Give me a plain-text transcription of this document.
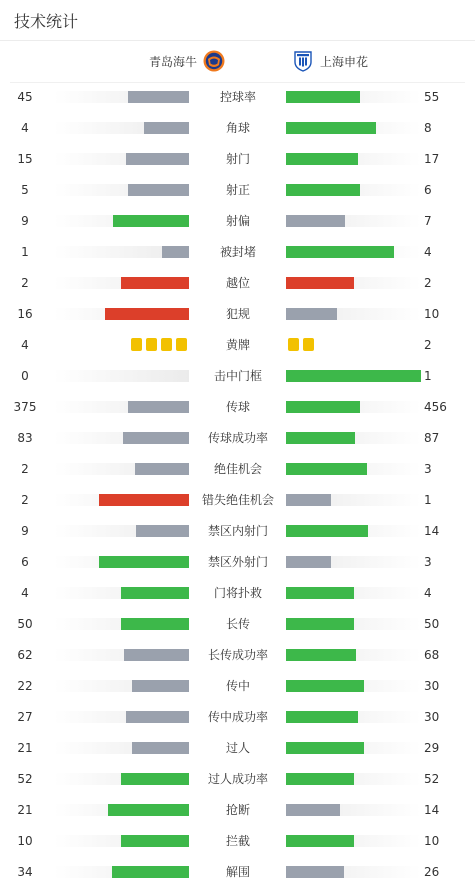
技术统计
青岛海牛	上海申花
45	控球率	55
4	角球	8
15	射门	17
5	射正	6
9	射偏	7
1	被封堵	4
2	越位	2
16	犯规	10
4	黄牌	2
0	击中门框	1
375	传球	456
83	传球成功率	87
2	绝佳机会	3
2	错失绝佳机会	1
9	禁区内射门	14
6	禁区外射门	3
4	门将扑救	4
50	长传	50
62	长传成功率	68
22	传中	30
27	传中成功率	30
21	过人	29
52	过人成功率	52
21	抢断	14
10	拦截	10
34	解围	26
